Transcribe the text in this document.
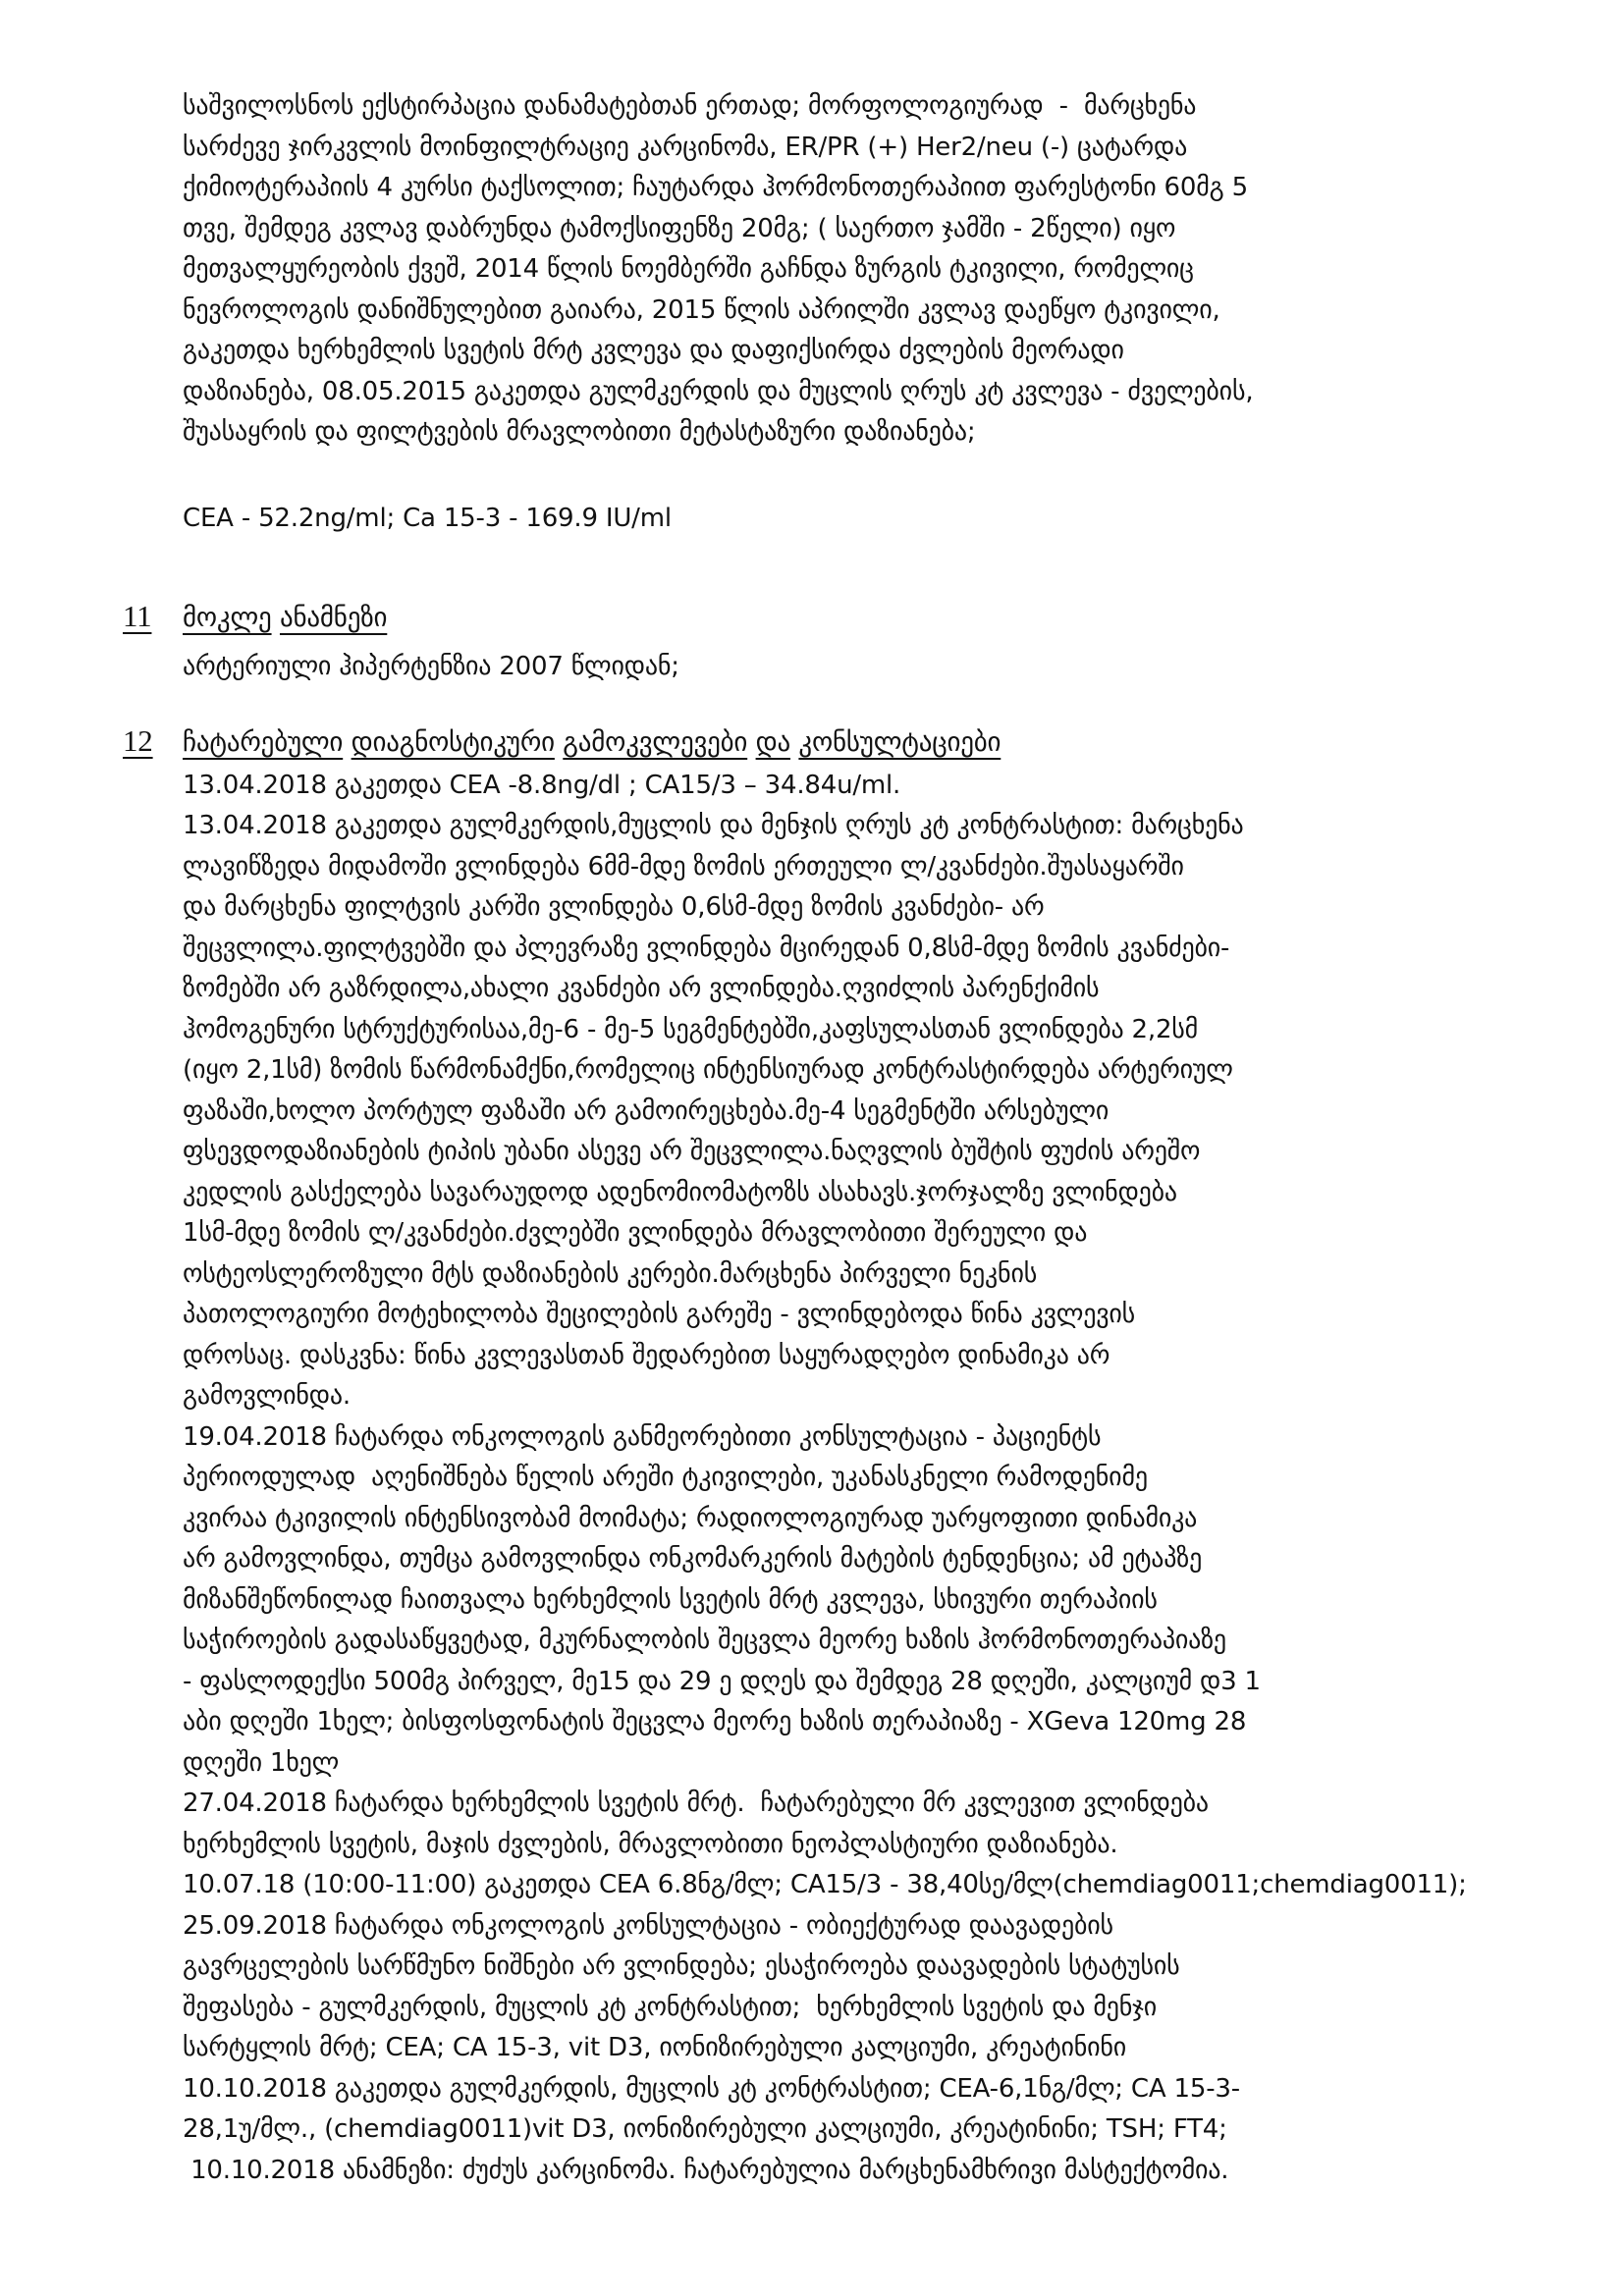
საშვილოსნოს ექსტირპაცია დანამატებთან ერთად; მორფოლოგიურად  -  მარცხენა
სარძევე ჯირკვლის მოინფილტრაციე კარცინომა, ER/PR (+) Her2/neu (-) ცატარდა
ქიმიოტერაპიის 4 კურსი ტაქსოლით; ჩაუტარდა ჰორმონოთერაპიით ფარესტონი 60მგ 5
თვე, შემდეგ კვლავ დაბრუნდა ტამოქსიფენზე 20მგ; ( საერთო ჯამში - 2წელი) იყო
მეთვალყურეობის ქვეშ, 2014 წლის ნოემბერში გაჩნდა ზურგის ტკივილი, რომელიც
ნევროლოგის დანიშნულებით გაიარა, 2015 წლის აპრილში კვლავ დაეწყო ტკივილი,
გაკეთდა ხერხემლის სვეტის მრტ კვლევა და დაფიქსირდა ძვლების მეორადი
დაზიანება, 08.05.2015 გაკეთდა გულმკერდის და მუცლის ღრუს კტ კვლევა - ძველების,
შუასაყრის და ფილტვების მრავლობითი მეტასტაზური დაზიანება;
CEA - 52.2ng/ml; Ca 15-3 - 169.9 IU/ml
11	მოკლე ანამნეზი
არტერიული ჰიპერტენზია 2007 წლიდან;
12	ჩატარებული დიაგნოსტიკური გამოკვლევები და კონსულტაციები
13.04.2018 გაკეთდა CEA -8.8ng/dl ; CA15/3 – 34.84u/ml.
13.04.2018 გაკეთდა გულმკერდის,მუცლის და მენჯის ღრუს კტ კონტრასტით: მარცხენა
ლავიწზედა მიდამოში ვლინდება 6მმ-მდე ზომის ერთეული ლ/კვანძები.შუასაყარში
და მარცხენა ფილტვის კარში ვლინდება 0,6სმ-მდე ზომის კვანძები- არ
შეცვლილა.ფილტვებში და პლევრაზე ვლინდება მცირედან 0,8სმ-მდე ზომის კვანძები-
ზომებში არ გაზრდილა,ახალი კვანძები არ ვლინდება.ღვიძლის პარენქიმის
ჰომოგენური სტრუქტურისაა,მე-6 - მე-5 სეგმენტებში,კაფსულასთან ვლინდება 2,2სმ
(იყო 2,1სმ) ზომის წარმონამქნი,რომელიც ინტენსიურად კონტრასტირდება არტერიულ
ფაზაში,ხოლო პორტულ ფაზაში არ გამოირეცხება.მე-4 სეგმენტში არსებული
ფსევდოდაზიანების ტიპის უბანი ასევე არ შეცვლილა.ნაღვლის ბუშტის ფუძის არეშო
კედლის გასქელება სავარაუდოდ ადენომიომატოზს ასახავს.ჯორჯალზე ვლინდება
1სმ-მდე ზომის ლ/კვანძები.ძვლებში ვლინდება მრავლობითი შერეული და
ოსტეოსლეროზული მტს დაზიანების კერები.მარცხენა პირველი ნეკნის
პათოლოგიური მოტეხილობა შეცილების გარეშე - ვლინდებოდა წინა კვლევის
დროსაც. დასკვნა: წინა კვლევასთან შედარებით საყურადღებო დინამიკა არ
გამოვლინდა.
19.04.2018 ჩატარდა ონკოლოგის განმეორებითი კონსულტაცია - პაციენტს
პერიოდულად  აღენიშნება წელის არეში ტკივილები, უკანასკნელი რამოდენიმე
კვირაა ტკივილის ინტენსივობამ მოიმატა; რადიოლოგიურად უარყოფითი დინამიკა
არ გამოვლინდა, თუმცა გამოვლინდა ონკომარკერის მატების ტენდენცია; ამ ეტაპზე
მიზანშეწონილად ჩაითვალა ხერხემლის სვეტის მრტ კვლევა, სხივური თერაპიის
საჭიროების გადასაწყვეტად, მკურნალობის შეცვლა მეორე ხაზის ჰორმონოთერაპიაზე
- ფასლოდექსი 500მგ პირველ, მე15 და 29 ე დღეს და შემდეგ 28 დღეში, კალციუმ დ3 1
აბი დღეში 1ხელ; ბისფოსფონატის შეცვლა მეორე ხაზის თერაპიაზე - XGeva 120mg 28
დღეში 1ხელ
27.04.2018 ჩატარდა ხერხემლის სვეტის მრტ.  ჩატარებული მრ კვლევით ვლინდება
ხერხემლის სვეტის, მაჯის ძვლების, მრავლობითი ნეოპლასტიური დაზიანება.
10.07.18 (10:00-11:00) გაკეთდა CEA 6.8ნგ/მლ; CA15/3 - 38,40სე/მლ(chemdiag0011;chemdiag0011);
25.09.2018 ჩატარდა ონკოლოგის კონსულტაცია - ობიექტურად დაავადების
გავრცელების სარწმუნო ნიშნები არ ვლინდება; ესაჭიროება დაავადების სტატუსის
შეფასება - გულმკერდის, მუცლის კტ კონტრასტით;  ხერხემლის სვეტის და მენჯი
სარტყლის მრტ; CEA; CA 15-3, vit D3, იონიზირებული კალციუმი, კრეატინინი
10.10.2018 გაკეთდა გულმკერდის, მუცლის კტ კონტრასტით; CEA-6,1ნგ/მლ; CA 15-3-
28,1უ/მლ., (chemdiag0011)vit D3, იონიზირებული კალციუმი, კრეატინინი; TSH; FT4;
10.10.2018 ანამნეზი: ძუძუს კარცინომა. ჩატარებულია მარცხენამხრივი მასტექტომია.
